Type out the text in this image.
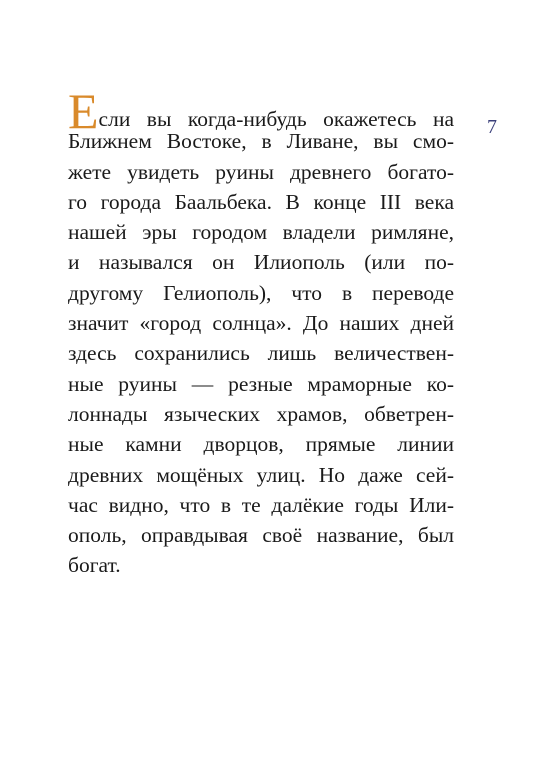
7
Если вы когда-нибудь окажетесь на
Ближнем Востоке, в Ливане, вы смо-
жете увидеть руины древнего богато-
го города Баальбека. В конце III века
нашей эры городом владели римляне,
и назывался он Илиополь (или по-
другому Гелиополь), что в переводе
значит «город солнца». До наших дней
здесь сохранились лишь величествен-
ные руины — резные мраморные ко-
лоннады языческих храмов, обветрен-
ные камни дворцов, прямые линии
древних мощёных улиц. Но даже сей-
час видно, что в те далёкие годы Или-
ополь, оправдывая своё название, был
богат.
